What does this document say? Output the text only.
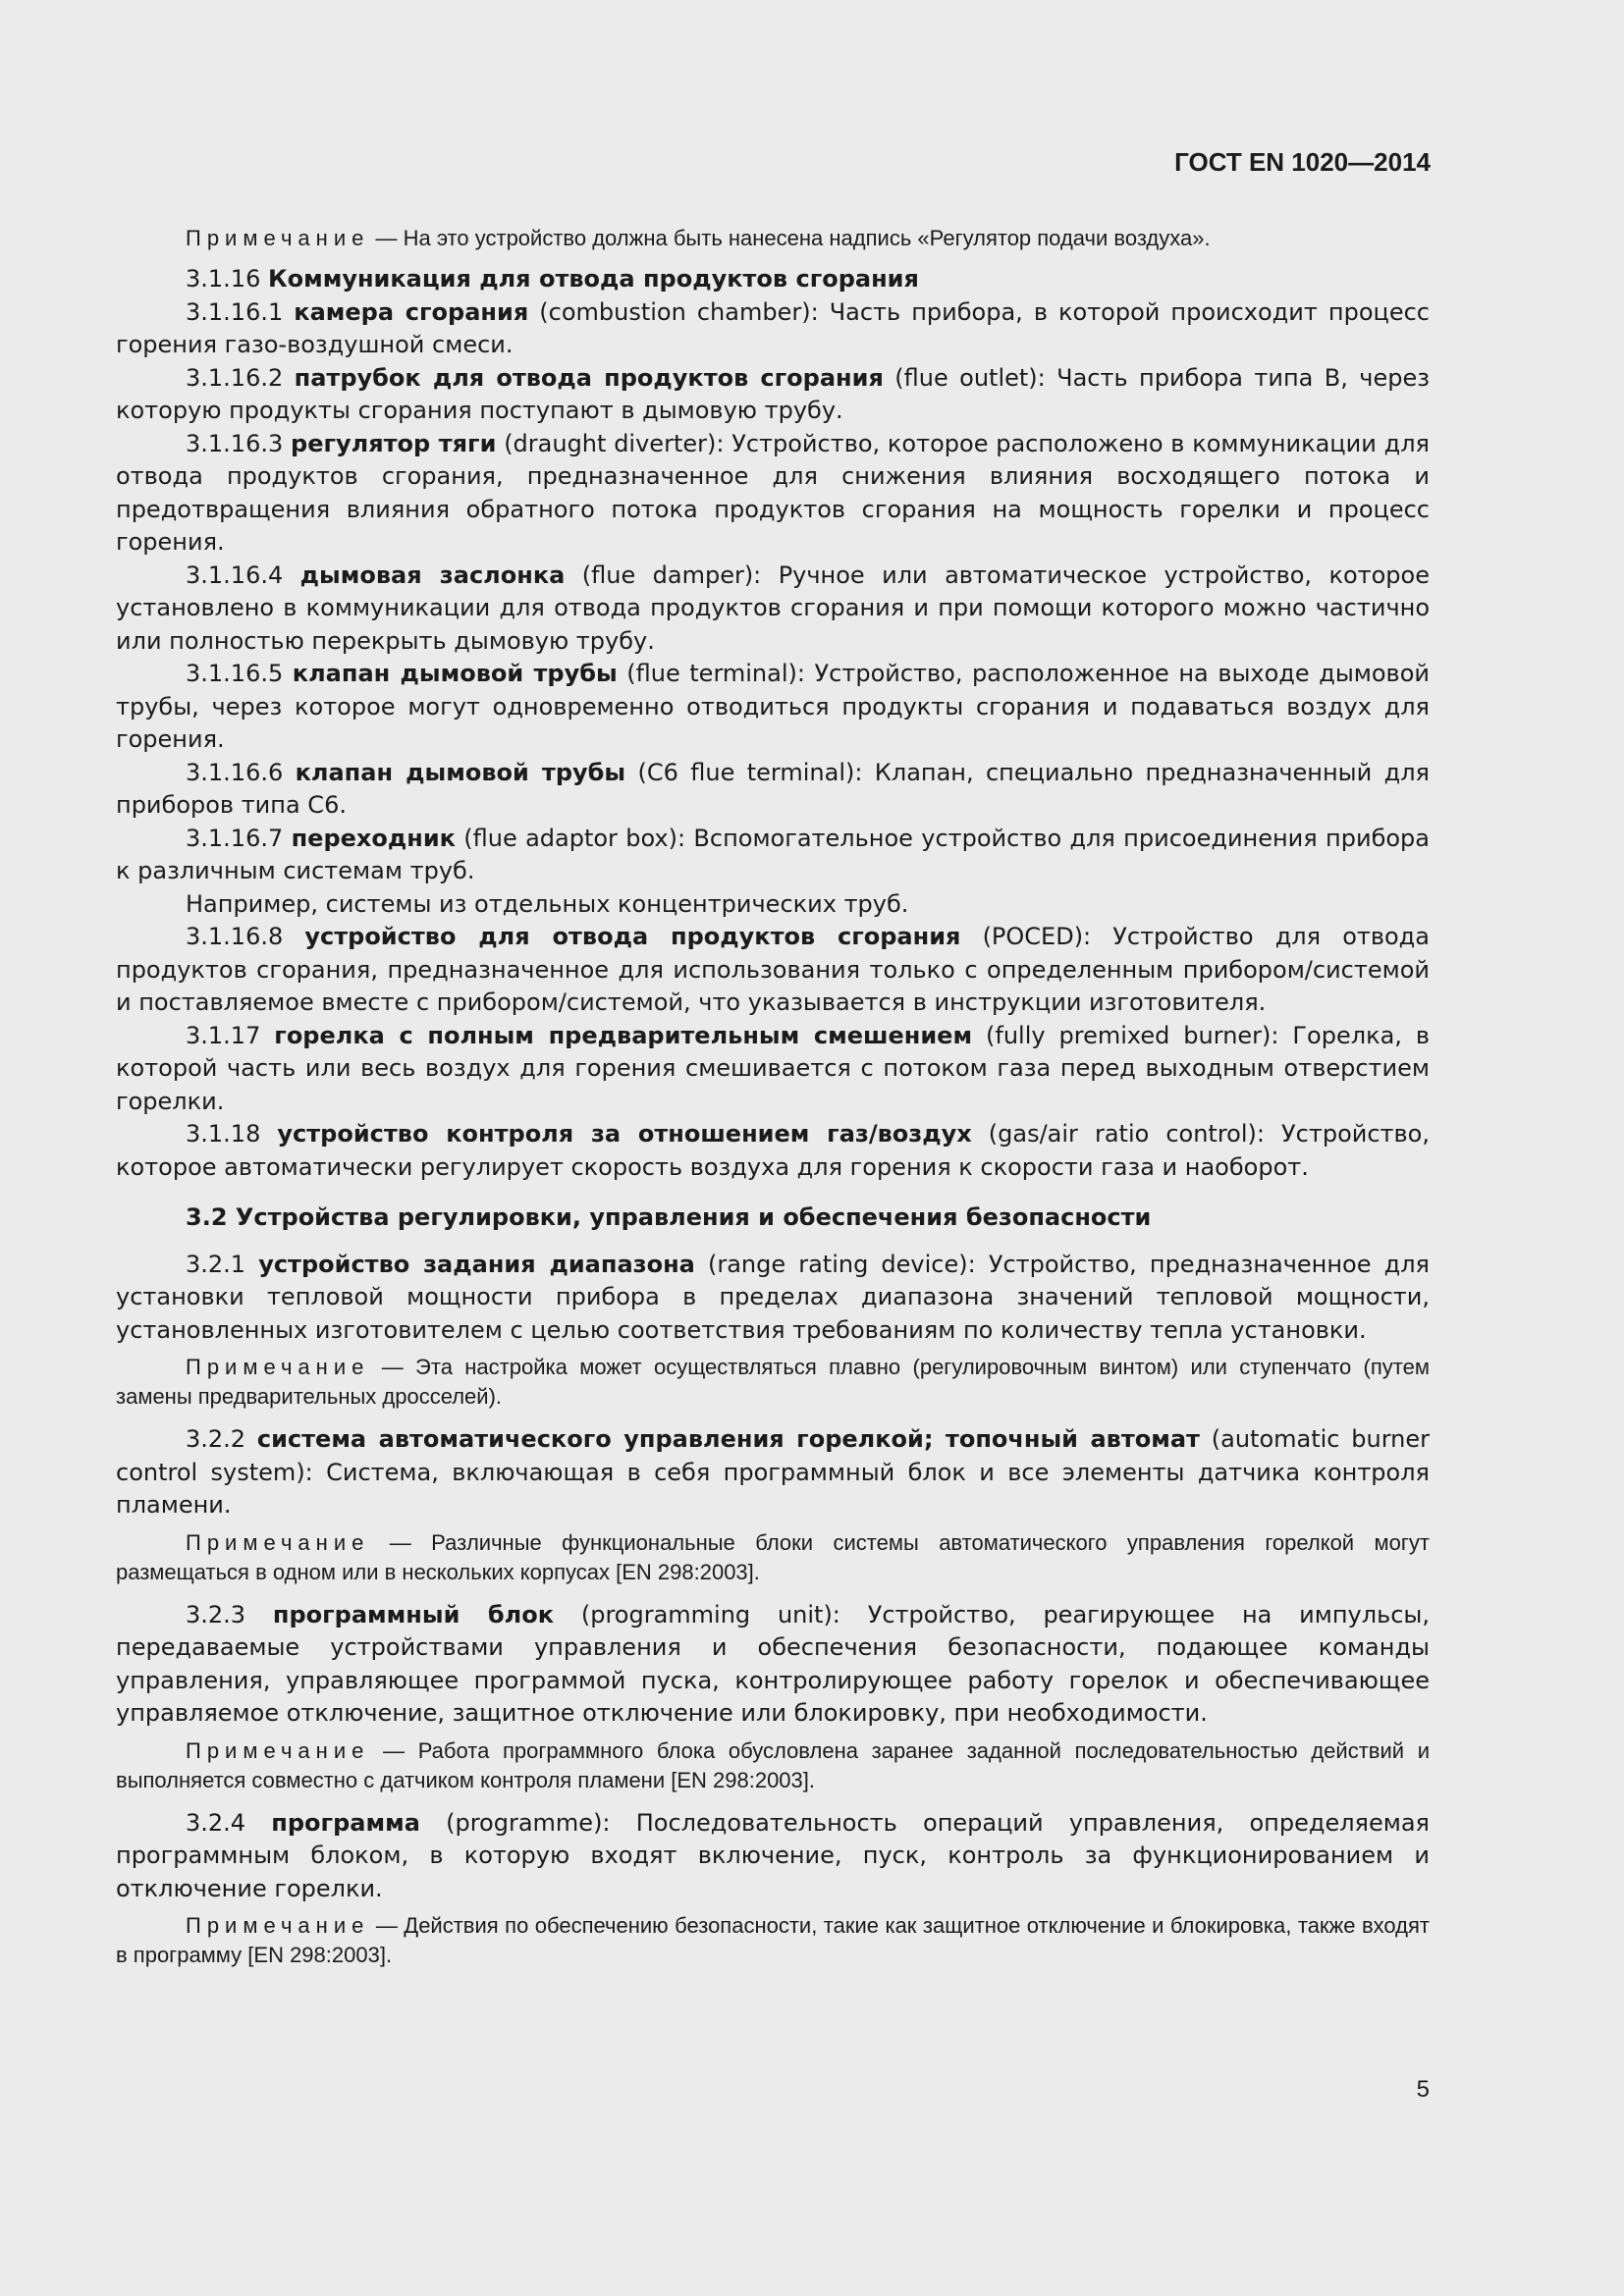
ГОСТ EN 1020—2014

Примечание — На это устройство должна быть нанесена надпись «Регулятор подачи воздуха».

3.1.16 Коммуникация для отвода продуктов сгорания

3.1.16.1 камера сгорания (combustion chamber): Часть прибора, в которой происходит процесс горения газо-воздушной смеси.

3.1.16.2 патрубок для отвода продуктов сгорания (flue outlet): Часть прибора типа В, через которую продукты сгорания поступают в дымовую трубу.

3.1.16.3 регулятор тяги (draught diverter): Устройство, которое расположено в коммуникации для отвода продуктов сгорания, предназначенное для снижения влияния восходящего потока и предотвращения влияния обратного потока продуктов сгорания на мощность горелки и процесс горения.

3.1.16.4 дымовая заслонка (flue damper): Ручное или автоматическое устройство, которое установлено в коммуникации для отвода продуктов сгорания и при помощи которого можно частично или полностью перекрыть дымовую трубу.

3.1.16.5 клапан дымовой трубы (flue terminal): Устройство, расположенное на выходе дымовой трубы, через которое могут одновременно отводиться продукты сгорания и подаваться воздух для горения.

3.1.16.6 клапан дымовой трубы (С6 flue terminal): Клапан, специально предназначенный для приборов типа С6.

3.1.16.7 переходник (flue adaptor box): Вспомогательное устройство для присоединения прибора к различным системам труб.

Например, системы из отдельных концентрических труб.

3.1.16.8 устройство для отвода продуктов сгорания (POCED): Устройство для отвода продуктов сгорания, предназначенное для использования только с определенным прибором/системой и поставляемое вместе с прибором/системой, что указывается в инструкции изготовителя.

3.1.17 горелка с полным предварительным смешением (fully premixed burner): Горелка, в которой часть или весь воздух для горения смешивается с потоком газа перед выходным отверстием горелки.

3.1.18 устройство контроля за отношением газ/воздух (gas/air ratio control): Устройство, которое автоматически регулирует скорость воздуха для горения к скорости газа и наоборот.

3.2 Устройства регулировки, управления и обеспечения безопасности

3.2.1 устройство задания диапазона (range rating device): Устройство, предназначенное для установки тепловой мощности прибора в пределах диапазона значений тепловой мощности, установленных изготовителем с целью соответствия требованиям по количеству тепла установки.

Примечание — Эта настройка может осуществляться плавно (регулировочным винтом) или ступенчато (путем замены предварительных дросселей).

3.2.2 система автоматического управления горелкой; топочный автомат (automatic burner control system): Система, включающая в себя программный блок и все элементы датчика контроля пламени.

Примечание — Различные функциональные блоки системы автоматического управления горелкой могут размещаться в одном или в нескольких корпусах [EN 298:2003].

3.2.3 программный блок (programming unit): Устройство, реагирующее на импульсы, передаваемые устройствами управления и обеспечения безопасности, подающее команды управления, управляющее программой пуска, контролирующее работу горелок и обеспечивающее управляемое отключение, защитное отключение или блокировку, при необходимости.

Примечание — Работа программного блока обусловлена заранее заданной последовательностью действий и выполняется совместно с датчиком контроля пламени [EN 298:2003].

3.2.4 программа (programme): Последовательность операций управления, определяемая программным блоком, в которую входят включение, пуск, контроль за функционированием и отключение горелки.

Примечание — Действия по обеспечению безопасности, такие как защитное отключение и блокировка, также входят в программу [EN 298:2003].

5
